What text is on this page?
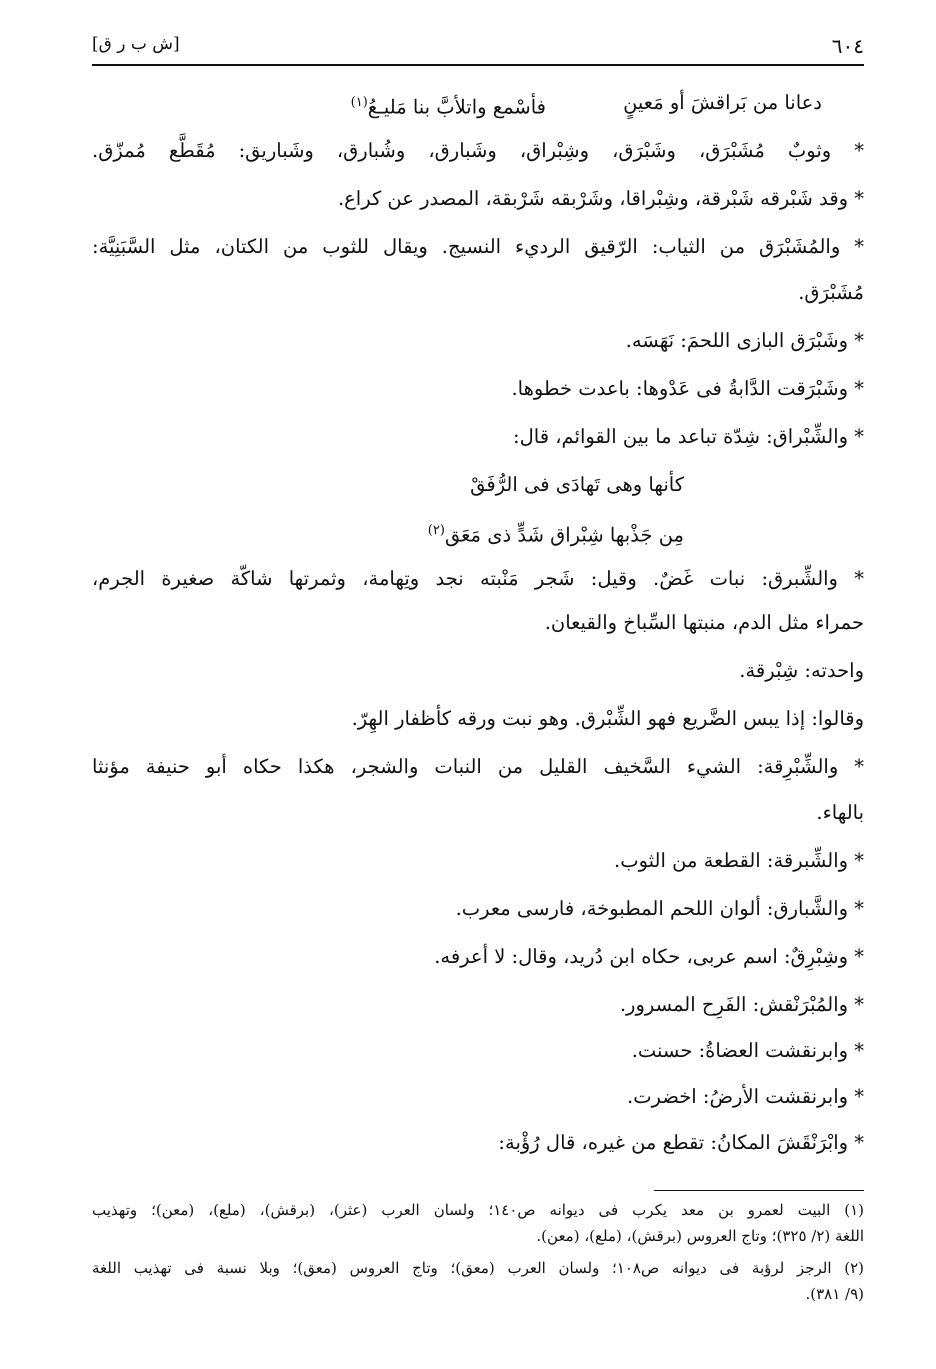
٦٠٤
[ش ب ر ق]
دعانا من بَراقشَ أو مَعينٍ
فأسْمع واتلأبَّ بنا مَليـعُ$^{(١)}$
* وثوبٌ مُشَبْرَق، وشَبْرَق، وشِبْراق، وشَبارق، وشُبارق، وشَباريق: مُقَطَّع مُمزّق.
* وقد شَبْرقه شَبْرقة، وشِبْراقا، وشَرْبقه شَرْبقة، المصدر عن كراع.
* والمُشَبْرَق من الثياب: الرّقيق الرديء النسيج. ويقال للثوب من الكتان، مثل السَّبَنِيَّة:
مُشَبْرَق.
* وشَبْرَق البازى اللحمَ: نَهَسَه.
* وشَبْرَقت الدَّابةُ فى عَدْوها: باعدت خطوها.
* والشِّبْراق: شِدّة تباعد ما بين القوائم، قال:
كأنها وهى تَهادَى فى الرُّفَقْ
مِن جَذْبها شِبْراق شَدٍّ ذى مَعَق$^{(٢)}$
* والشِّبرق: نبات غَضٌ. وقيل: شَجر مَنْبته نجد وتِهامة، وثمرتها شاكّة صغيرة الجرم،
حمراء مثل الدم، منبتها السِّباخ والقيعان.
واحدته: شِبْرقة.
وقالوا: إذا يبس الضَّريع فهو الشِّبْرق. وهو نبت ورقه كأظفار الهِرّ.
* والشِّبْرِقة: الشيء السَّخيف القليل من النبات والشجر، هكذا حكاه أبو حنيفة مؤنثا
بالهاء.
* والشِّبرقة: القطعة من الثوب.
* والشَّبارق: ألوان اللحم المطبوخة، فارسى معرب.
* وشِبْرِقٌ: اسم عربى، حكاه ابن دُريد، وقال: لا أعرفه.
* والمُبْرَنْقش: الفَرِح المسرور.
* وابرنقشت العضاةُ: حسنت.
* وابرنقشت الأرضُ: اخضرت.
* وابْرَنْقَشَ المكانُ: تقطع من غيره، قال رُؤْبة:
(١) البيت لعمرو بن معد يكرب فى ديوانه ص١٤٠؛ ولسان العرب (عثر)، (برقش)، (ملع)، (معن)؛ وتهذيب
اللغة (٢/ ٣٢٥)؛ وتاج العروس (برقش)، (ملع)، (معن).
(٢) الرجز لرؤبة فى ديوانه ص١٠٨؛ ولسان العرب (معق)؛ وتاج العروس (معق)؛ وبلا نسبة فى تهذيب اللغة
(٩/ ٣٨١).
